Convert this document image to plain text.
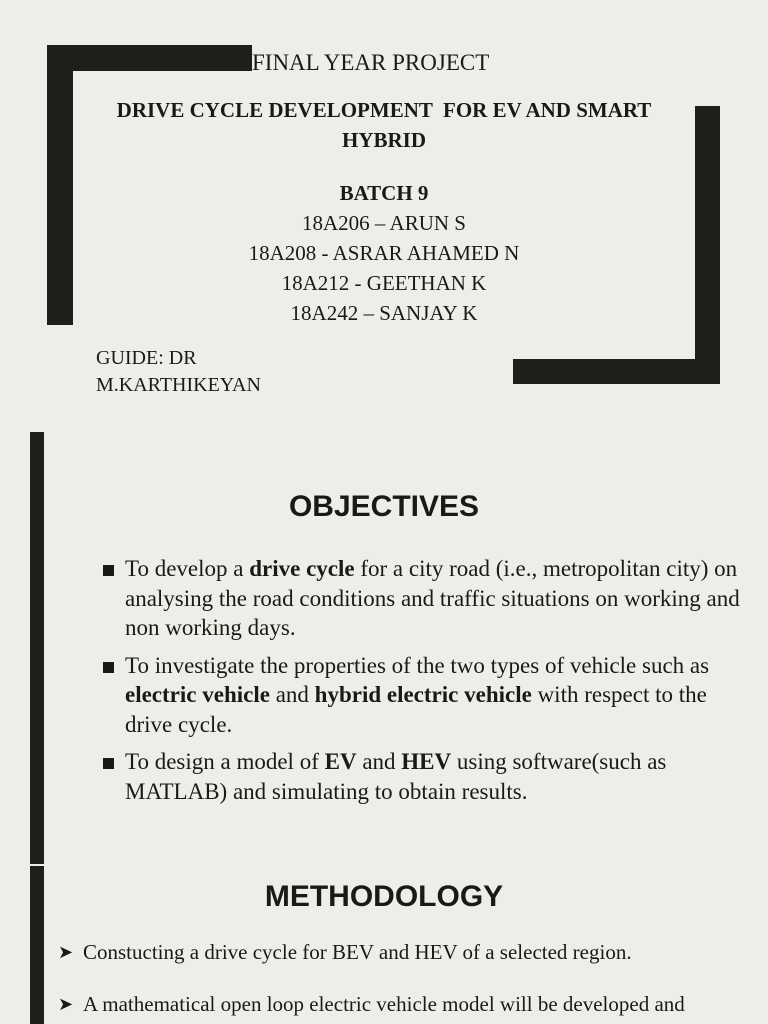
FINAL YEAR PROJECT
DRIVE CYCLE DEVELOPMENT  FOR EV AND SMART
HYBRID
BATCH 9
18A206 – ARUN S
18A208 - ASRAR AHAMED N
18A212 - GEETHAN K
18A242 – SANJAY K
GUIDE: DR
M.KARTHIKEYAN
OBJECTIVES
To develop a drive cycle for a city road (i.e., metropolitan city) on analysing the road conditions and traffic situations on working and non working days.
To investigate the properties of the two types of vehicle such as electric vehicle and hybrid electric vehicle with respect to the drive cycle.
To design a model of EV and HEV using software(such as MATLAB) and simulating to obtain results.
METHODOLOGY
➤ Constucting a drive cycle for BEV and HEV of a selected region.
➤ A mathematical open loop electric vehicle model will be developed and
